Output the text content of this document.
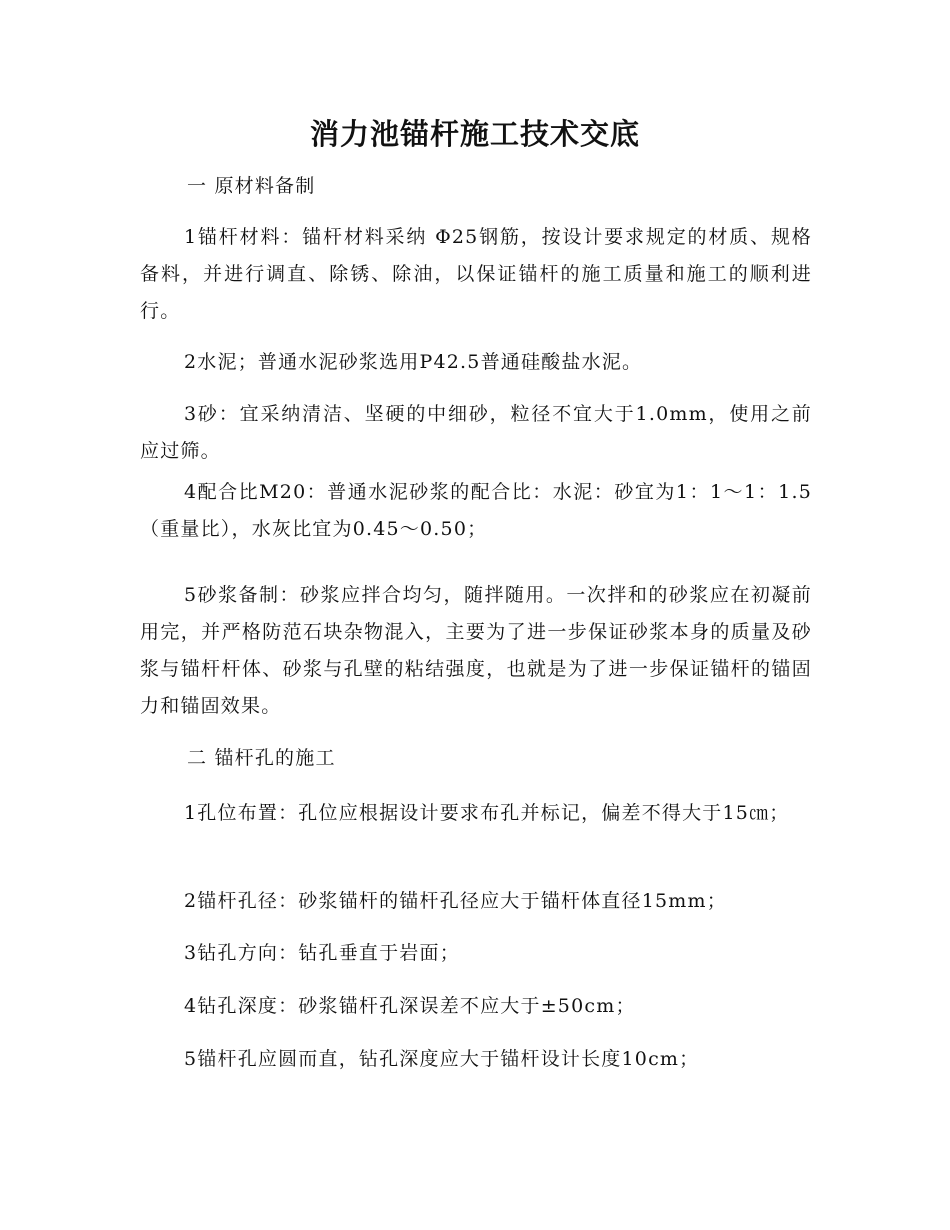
消力池锚杆施工技术交底
一 原材料备制
1锚杆材料：锚杆材料采纳 Φ25钢筋，按设计要求规定的材质、规格备料，并进行调直、除锈、除油，以保证锚杆的施工质量和施工的顺利进行。
2水泥；普通水泥砂浆选用P42.5普通硅酸盐水泥。
3砂：宜采纳清洁、坚硬的中细砂，粒径不宜大于1.0mm，使用之前应过筛。
4配合比M20：普通水泥砂浆的配合比：水泥：砂宜为1：1～1：1.5（重量比），水灰比宜为0.45～0.50；
5砂浆备制：砂浆应拌合均匀，随拌随用。一次拌和的砂浆应在初凝前用完，并严格防范石块杂物混入，主要为了进一步保证砂浆本身的质量及砂浆与锚杆杆体、砂浆与孔壁的粘结强度，也就是为了进一步保证锚杆的锚固力和锚固效果。
二 锚杆孔的施工
1孔位布置：孔位应根据设计要求布孔并标记，偏差不得大于15㎝；
2锚杆孔径：砂浆锚杆的锚杆孔径应大于锚杆体直径15mm；
3钻孔方向：钻孔垂直于岩面；
4钻孔深度：砂浆锚杆孔深误差不应大于±50cm；
5锚杆孔应圆而直，钻孔深度应大于锚杆设计长度10cm；
